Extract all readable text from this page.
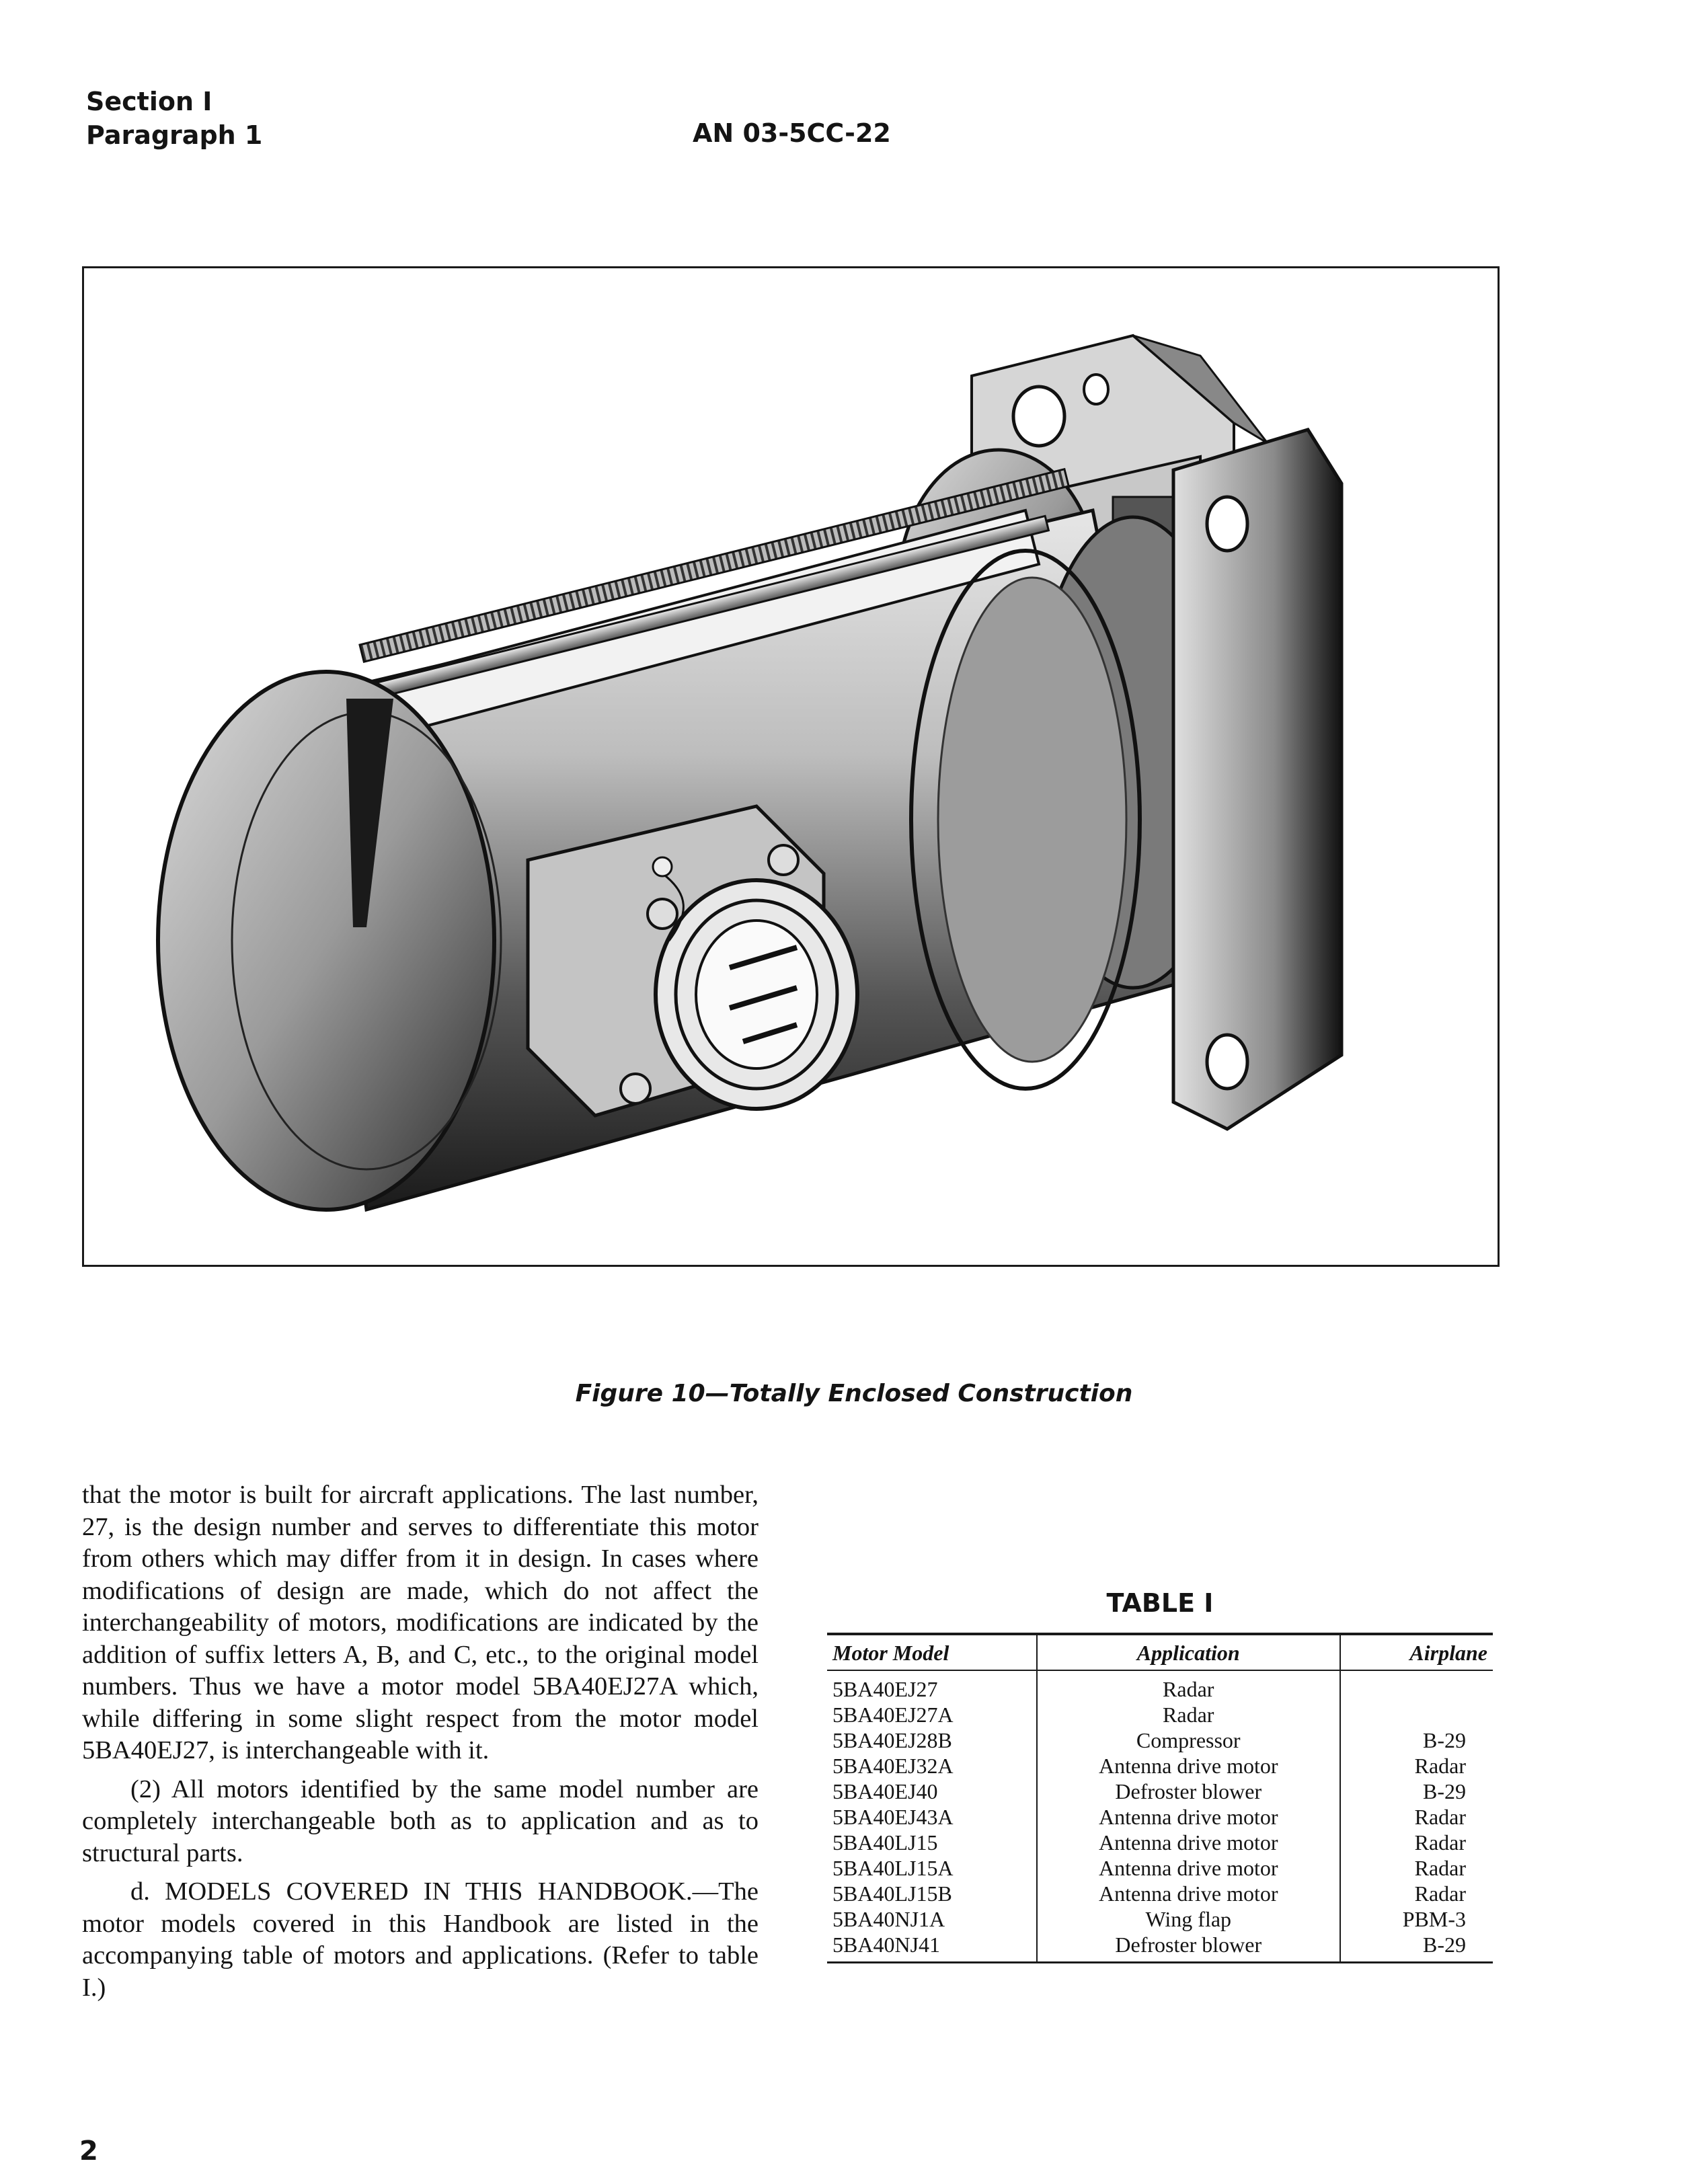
Section I
Paragraph 1	AN 03-5CC-22
Figure 10—Totally Enclosed Construction

that the motor is built for aircraft applications. The last number, 27, is the design number and serves to differentiate this motor from others which may differ from it in design. In cases where modifications of design are made, which do not affect the interchangeability of motors, modifications are indicated by the addition of suffix letters A, B, and C, etc., to the original model numbers. Thus we have a motor model 5BA40EJ27A which, while differing in some slight respect from the motor model 5BA40EJ27, is interchangeable with it.

(2) All motors identified by the same model number are completely interchangeable both as to application and as to structural parts.

d. MODELS COVERED IN THIS HANDBOOK.—The motor models covered in this Handbook are listed in the accompanying table of motors and applications. (Refer to table I.)

TABLE I
Motor Model	Application	Airplane
5BA40EJ27	Radar	
5BA40EJ27A	Radar	
5BA40EJ28B	Compressor	B-29
5BA40EJ32A	Antenna drive motor	Radar
5BA40EJ40	Defroster blower	B-29
5BA40EJ43A	Antenna drive motor	Radar
5BA40LJ15	Antenna drive motor	Radar
5BA40LJ15A	Antenna drive motor	Radar
5BA40LJ15B	Antenna drive motor	Radar
5BA40NJ1A	Wing flap	PBM-3
5BA40NJ41	Defroster blower	B-29
2
